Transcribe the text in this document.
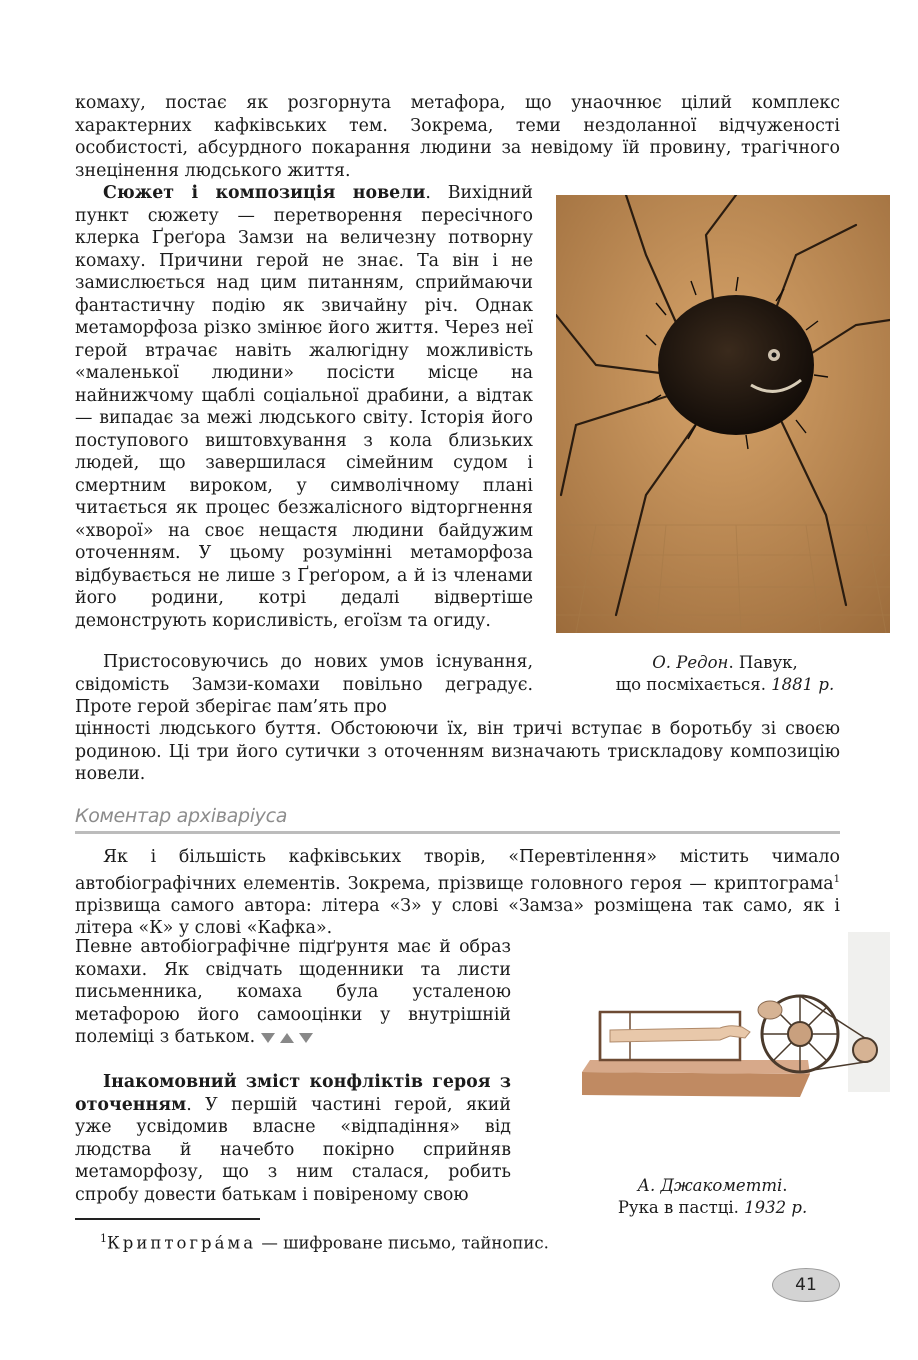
комаху, постає як розгорнута метафора, що унаочнює цілий комплекс характерних кафківських тем. Зокрема, теми нездоланної відчуженості особистості, абсурдного покарання людини за невідому їй провину, трагічного знецінення людського життя.

Сюжет і композиція новели. Вихідний пункт сюжету — перетворення пересічного клерка Ґреґора Замзи на величезну потворну комаху. Причини герой не знає. Та він і не замислюється над цим питанням, сприймаючи фантастичну подію як звичайну річ. Однак метаморфоза різко змінює його життя. Через неї герой втрачає навіть жалюгідну можливість «маленької людини» посісти місце на найнижчому щаблі соціальної драбини, а відтак — випадає за межі людського світу. Історія його поступового виштовхування з кола близьких людей, що завершилася сімейним судом і смертним вироком, у символічному плані читається як процес безжалісного відторгнення «хворої» на своє нещастя людини байдужим оточенням. У цьому розумінні метаморфоза відбувається не лише з Ґреґором, а й із членами його родини, котрі дедалі відвертіше демонструють корисливість, егоїзм та огиду.

О. Редон. Павук,
що посміхається. 1881 р.

Пристосовуючись до нових умов існування, свідомість Замзи-комахи повільно деградує. Проте герой зберігає пам’ять про

цінності людського буття. Обстоюючи їх, він тричі вступає в боротьбу зі своєю родиною. Ці три його сутички з оточенням визначають трискладову композицію новели.

Коментар архіваріуса

Як і більшість кафківських творів, «Перевтілення» містить чимало автобіографічних елементів. Зокрема, прізвище головного героя — криптограма$^1$ прізвища самого автора: літера «З» у слові «Замза» розміщена так само, як і літера «К» у слові «Кафка».

Певне автобіографічне підґрунтя має й образ комахи. Як свідчать щоденники та листи письменника, комаха була усталеною метафорою його самооцінки у внутрішній полеміці з батьком.

А. Джакометті.
Рука в пастці. 1932 р.

Інакомовний зміст конфліктів героя з оточенням. У першій частині герой, який уже усвідомив власне «відпадіння» від людства й начебто покірно сприйняв метаморфозу, що з ним сталася, робить спробу довести батькам і повіреному свою

$^1$Криптогра́ма — шифроване письмо, тайнопис.
41
